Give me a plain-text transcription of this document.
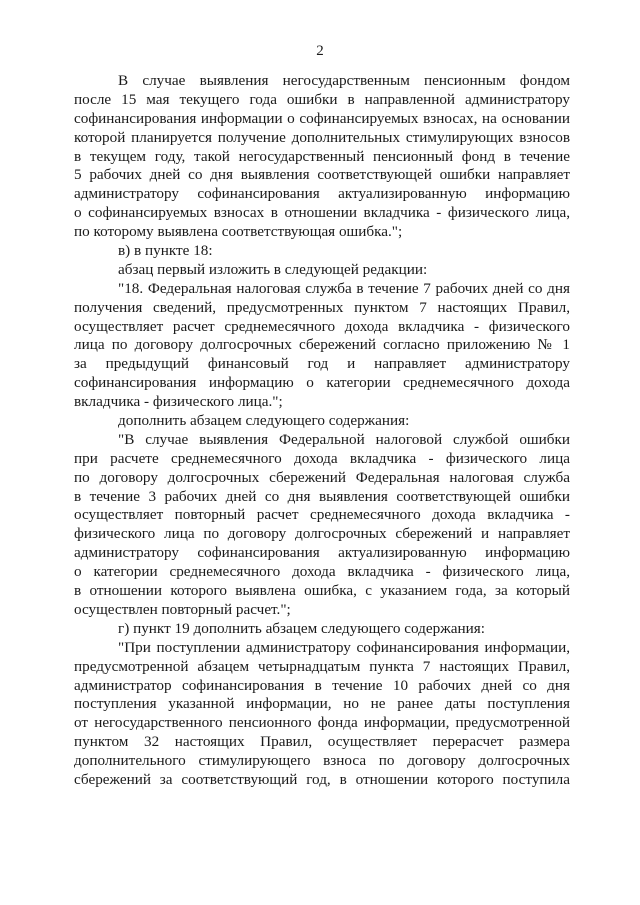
2
В случае выявления негосударственным пенсионным фондом
после 15 мая текущего года ошибки в направленной администратору
софинансирования информации о софинансируемых взносах, на основании
которой планируется получение дополнительных стимулирующих взносов
в текущем году, такой негосударственный пенсионный фонд в течение
5 рабочих дней со дня выявления соответствующей ошибки направляет
администратору софинансирования актуализированную информацию
о софинансируемых взносах в отношении вкладчика - физического лица,
по которому выявлена соответствующая ошибка.";
в) в пункте 18:
абзац первый изложить в следующей редакции:
"18. Федеральная налоговая служба в течение 7 рабочих дней со дня
получения сведений, предусмотренных пунктом 7 настоящих Правил,
осуществляет расчет среднемесячного дохода вкладчика - физического
лица по договору долгосрочных сбережений согласно приложению № 1
за предыдущий финансовый год и направляет администратору
софинансирования информацию о категории среднемесячного дохода
вкладчика - физического лица.";
дополнить абзацем следующего содержания:
"В случае выявления Федеральной налоговой службой ошибки
при расчете среднемесячного дохода вкладчика - физического лица
по договору долгосрочных сбережений Федеральная налоговая служба
в течение 3 рабочих дней со дня выявления соответствующей ошибки
осуществляет повторный расчет среднемесячного дохода вкладчика -
физического лица по договору долгосрочных сбережений и направляет
администратору софинансирования актуализированную информацию
о категории среднемесячного дохода вкладчика - физического лица,
в отношении которого выявлена ошибка, с указанием года, за который
осуществлен повторный расчет.";
г) пункт 19 дополнить абзацем следующего содержания:
"При поступлении администратору софинансирования информации,
предусмотренной абзацем четырнадцатым пункта 7 настоящих Правил,
администратор софинансирования в течение 10 рабочих дней со дня
поступления указанной информации, но не ранее даты поступления
от негосударственного пенсионного фонда информации, предусмотренной
пунктом 32 настоящих Правил, осуществляет перерасчет размера
дополнительного стимулирующего взноса по договору долгосрочных
сбережений за соответствующий год, в отношении которого поступила
